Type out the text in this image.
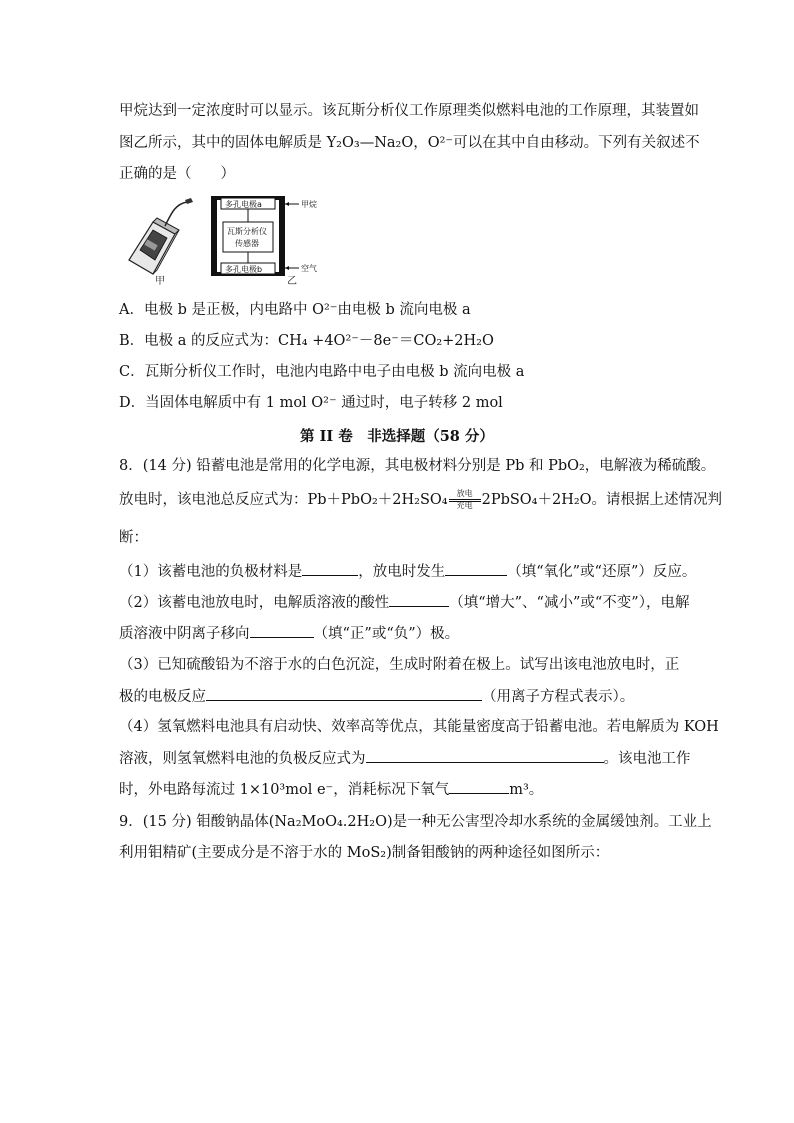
甲烷达到一定浓度时可以显示。该瓦斯分析仪工作原理类似燃料电池的工作原理，其装置如
图乙所示，其中的固体电解质是 Y₂O₃—Na₂O，O²⁻可以在其中自由移动。下列有关叙述不
正确的是（　　）
甲
多孔电极a
多孔电极b
瓦斯分析仪
传感器
甲烷
空气
乙
A．电极 b 是正极，内电路中 O²⁻由电极 b 流向电极 a
B．电极 a 的反应式为：CH₄ +4O²⁻－8e⁻＝CO₂+2H₂O
C．瓦斯分析仪工作时，电池内电路中电子由电极 b 流向电极 a
D．当固体电解质中有 1 mol O²⁻ 通过时，电子转移 2 mol
第 II 卷　非选择题（58 分）
8．(14 分) 铅蓄电池是常用的化学电源，其电极材料分别是 Pb 和 PbO₂，电解液为稀硫酸。
放电时，该电池总反应式为：Pb＋PbO₂＋2H₂SO₄	放电
充电 2PbSO₄＋2H₂O。请根据上述情况判
断：
（1）该蓄电池的负极材料是	，放电时发生	（填“氧化”或“还原”）反应。
（2）该蓄电池放电时，电解质溶液的酸性	（填“增大”、“减小”或“不变”），电解
质溶液中阴离子移向	（填“正”或“负”）极。
（3）已知硫酸铅为不溶于水的白色沉淀，生成时附着在极上。试写出该电池放电时，正
极的电极反应	（用离子方程式表示）。
（4）氢氧燃料电池具有启动快、效率高等优点，其能量密度高于铅蓄电池。若电解质为 KOH
溶液，则氢氧燃料电池的负极反应式为	。该电池工作
时，外电路每流过 1×10³mol e⁻，消耗标况下氧气	m³。
9．(15 分) 钼酸钠晶体(Na₂MoO₄.2H₂O)是一种无公害型冷却水系统的金属缓蚀剂。工业上
利用钼精矿(主要成分是不溶于水的 MoS₂)制备钼酸钠的两种途径如图所示：
